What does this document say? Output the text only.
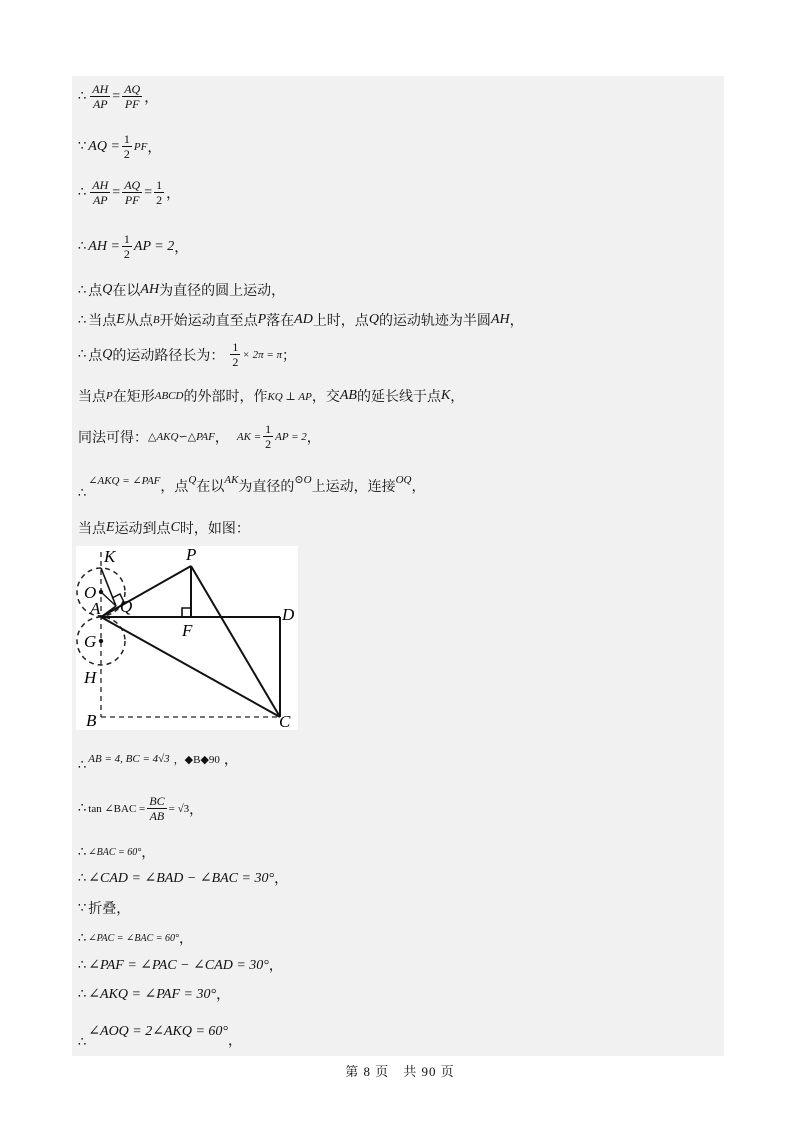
∴ $\frac{AH}{AP} = \frac{AQ}{PF}$ ，
∵ AQ = $\frac{1}{2}$ PF ，
∴ $\frac{AH}{AP} = \frac{AQ}{PF} = \frac{1}{2}$ ，
∴ AH = $\frac{1}{2}$ AP = 2 ，
∴ 点 Q 在以 AH 为直径的圆上运动，
∴ 当点 E 从点 B 开始运动直至点 P 落在 AD 上时，点 Q 的运动轨迹为半圆 AH ，
∴ 点 Q 的运动路径长为： $\frac{1}{2} \times 2\pi = \pi$ ；
当点 P 在矩形 ABCD 的外部时，作 KQ ⊥ AP ，交 AB 的延长线于点 K ，
同法可得： △AKQ∽△PAF ， AK = $\frac{1}{2}$ AP = 2 ，
∴
∠AKQ = ∠PAF ，点 Q 在以 AK 为直径的 ⊙O 上运动，连接 OQ ，
当点 E 运动到点 C 时，如图：
K	P
O
A Q
F
D
G
H
B	C
∴ AB = 4, BC = 4√3 ，◆B◆90 ，
∴ tan ∠BAC = $\frac{BC}{AB} = √3$ ，
∴ ∠BAC = 60° ，
∴ ∠CAD = ∠BAD − ∠BAC = 30° ，
∵ 折叠，
∴ ∠PAC = ∠BAC = 60° ，
∴ ∠PAF = ∠PAC − ∠CAD = 30° ，
∴ ∠AKQ = ∠PAF = 30° ，
∴
∠AOQ = 2∠AKQ = 60°
，
第 8 页　共 90 页
